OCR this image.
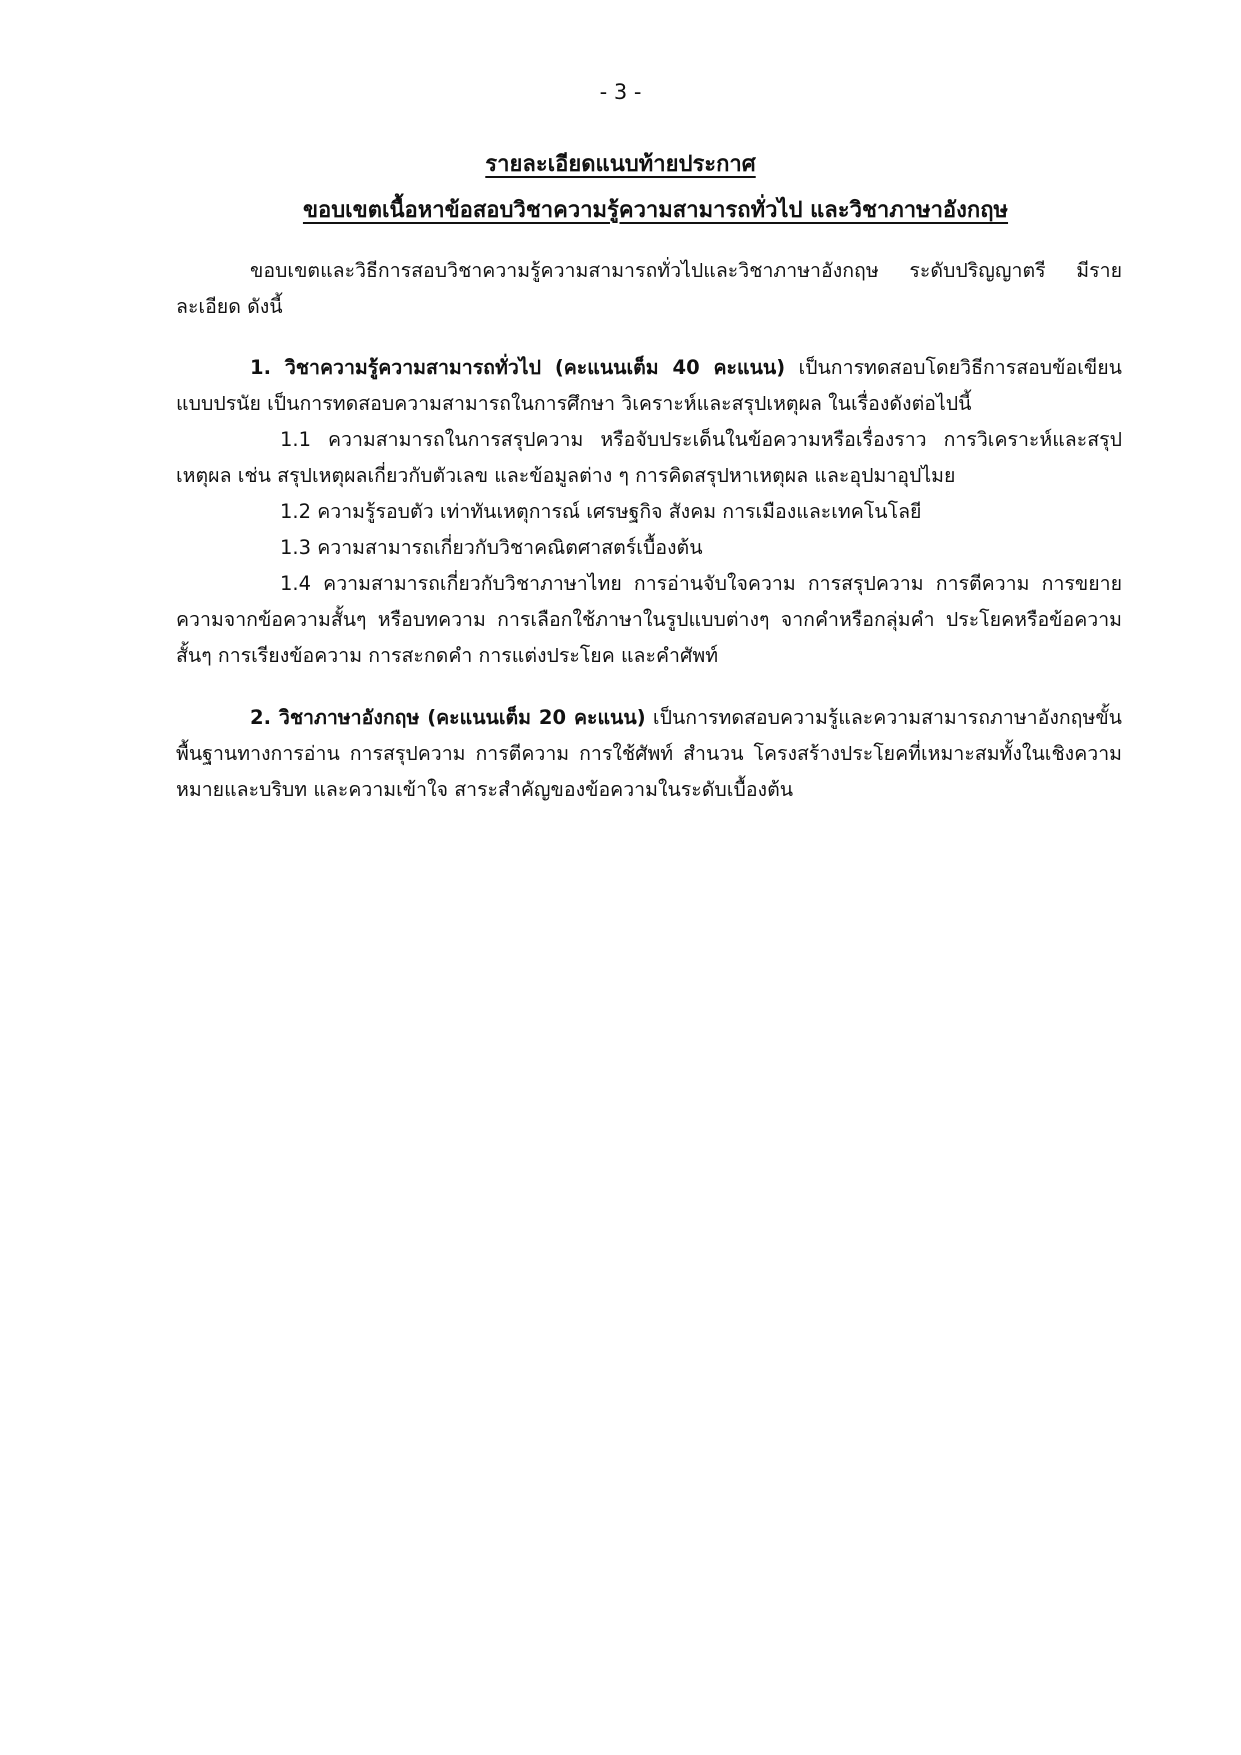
- 3 -
รายละเอียดแนบท้ายประกาศ
ขอบเขตเนื้อหาข้อสอบวิชาความรู้ความสามารถทั่วไป และวิชาภาษาอังกฤษ

ขอบเขตและวิธีการสอบวิชาความรู้ความสามารถทั่วไปและวิชาภาษาอังกฤษ ระดับปริญญาตรี มีรายละเอียด ดังนี้

1. วิชาความรู้ความสามารถทั่วไป (คะแนนเต็ม 40 คะแนน) เป็นการทดสอบโดยวิธีการสอบข้อเขียนแบบปรนัย เป็นการทดสอบความสามารถในการศึกษา วิเคราะห์และสรุปเหตุผล ในเรื่องดังต่อไปนี้

1.1 ความสามารถในการสรุปความ หรือจับประเด็นในข้อความหรือเรื่องราว การวิเคราะห์และสรุปเหตุผล เช่น สรุปเหตุผลเกี่ยวกับตัวเลข และข้อมูลต่าง ๆ การคิดสรุปหาเหตุผล และอุปมาอุปไมย

1.2 ความรู้รอบตัว เท่าทันเหตุการณ์ เศรษฐกิจ สังคม การเมืองและเทคโนโลยี

1.3 ความสามารถเกี่ยวกับวิชาคณิตศาสตร์เบื้องต้น

1.4 ความสามารถเกี่ยวกับวิชาภาษาไทย การอ่านจับใจความ การสรุปความ การตีความ การขยายความจากข้อความสั้นๆ หรือบทความ การเลือกใช้ภาษาในรูปแบบต่างๆ จากคำหรือกลุ่มคำ ประโยคหรือข้อความสั้นๆ การเรียงข้อความ การสะกดคำ การแต่งประโยค และคำศัพท์

2. วิชาภาษาอังกฤษ (คะแนนเต็ม 20 คะแนน) เป็นการทดสอบความรู้และความสามารถภาษาอังกฤษขั้นพื้นฐานทางการอ่าน การสรุปความ การตีความ การใช้ศัพท์ สำนวน โครงสร้างประโยคที่เหมาะสมทั้งในเชิงความหมายและบริบท และความเข้าใจ สาระสำคัญของข้อความในระดับเบื้องต้น
